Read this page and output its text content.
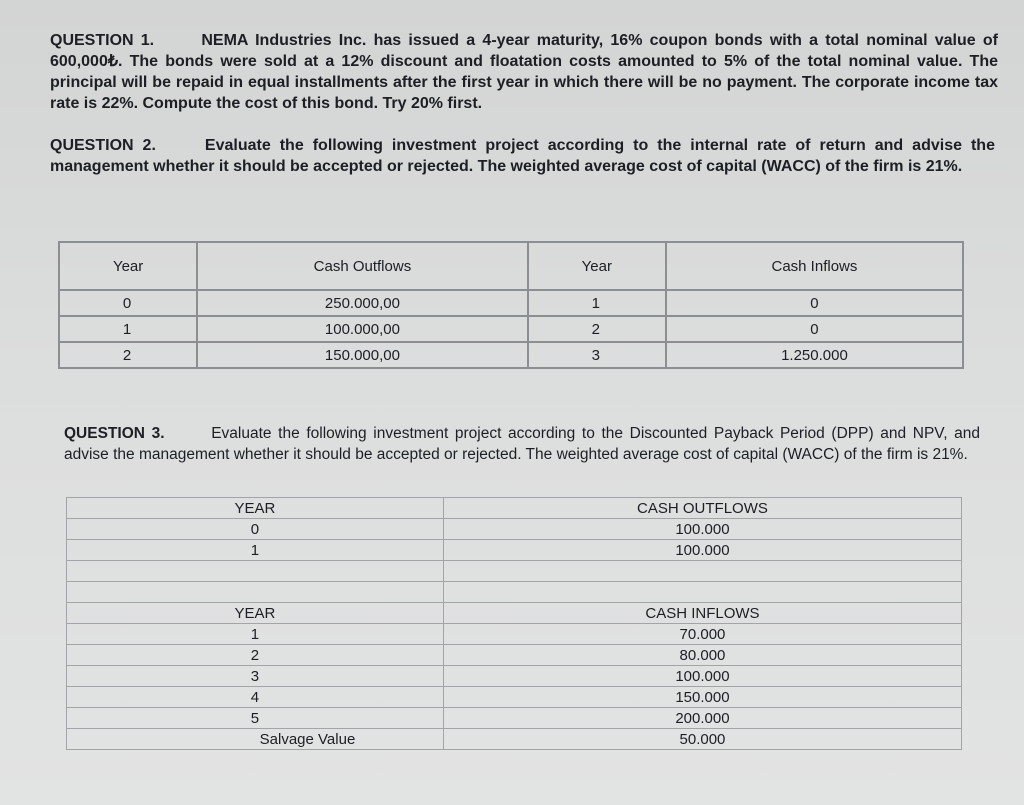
QUESTION 1.	NEMA Industries Inc. has issued a 4-year maturity, 16% coupon bonds with a total nominal value of 600,000₺. The bonds were sold at a 12% discount and floatation costs amounted to 5% of the total nominal value. The principal will be repaid in equal installments after the first year in which there will be no payment. The corporate income tax rate is 22%. Compute the cost of this bond. Try 20% first.
QUESTION 2.	Evaluate the following investment project according to the internal rate of return and advise the management whether it should be accepted or rejected. The weighted average cost of capital (WACC) of the firm is 21%.
Year	Cash Outflows	Year	Cash Inflows
0	250.000,00	1	0
1	100.000,00	2	0
2	150.000,00	3	1.250.000
QUESTION 3.	Evaluate the following investment project according to the Discounted Payback Period (DPP) and NPV, and advise the management whether it should be accepted or rejected. The weighted average cost of capital (WACC) of the firm is 21%.
YEAR	CASH OUTFLOWS
0	100.000
1	100.000

YEAR	CASH INFLOWS
1	70.000
2	80.000
3	100.000
4	150.000
5	200.000
Salvage Value	50.000
